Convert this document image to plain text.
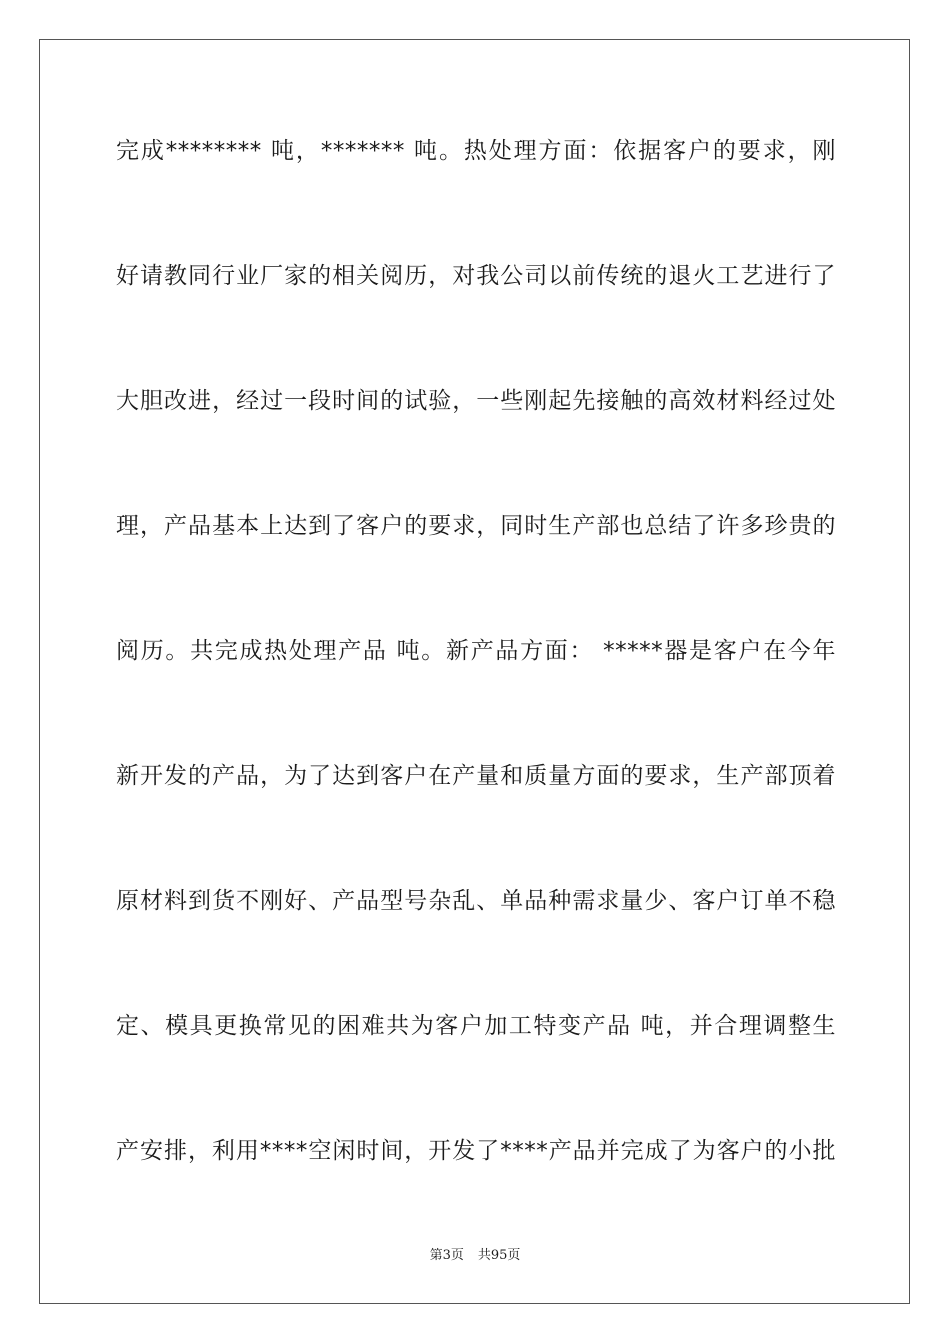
完成******** 吨，******* 吨。热处理方面：依据客户的要求，刚
好请教同行业厂家的相关阅历，对我公司以前传统的退火工艺进行了
大胆改进，经过一段时间的试验，一些刚起先接触的高效材料经过处
理，产品基本上达到了客户的要求，同时生产部也总结了许多珍贵的
阅历。共完成热处理产品 吨。新产品方面： *****器是客户在今年
新开发的产品，为了达到客户在产量和质量方面的要求，生产部顶着
原材料到货不刚好、产品型号杂乱、单品种需求量少、客户订单不稳
定、模具更换常见的困难共为客户加工特变产品 吨，并合理调整生
产安排，利用****空闲时间，开发了****产品并完成了为客户的小批
第3页 共95页
